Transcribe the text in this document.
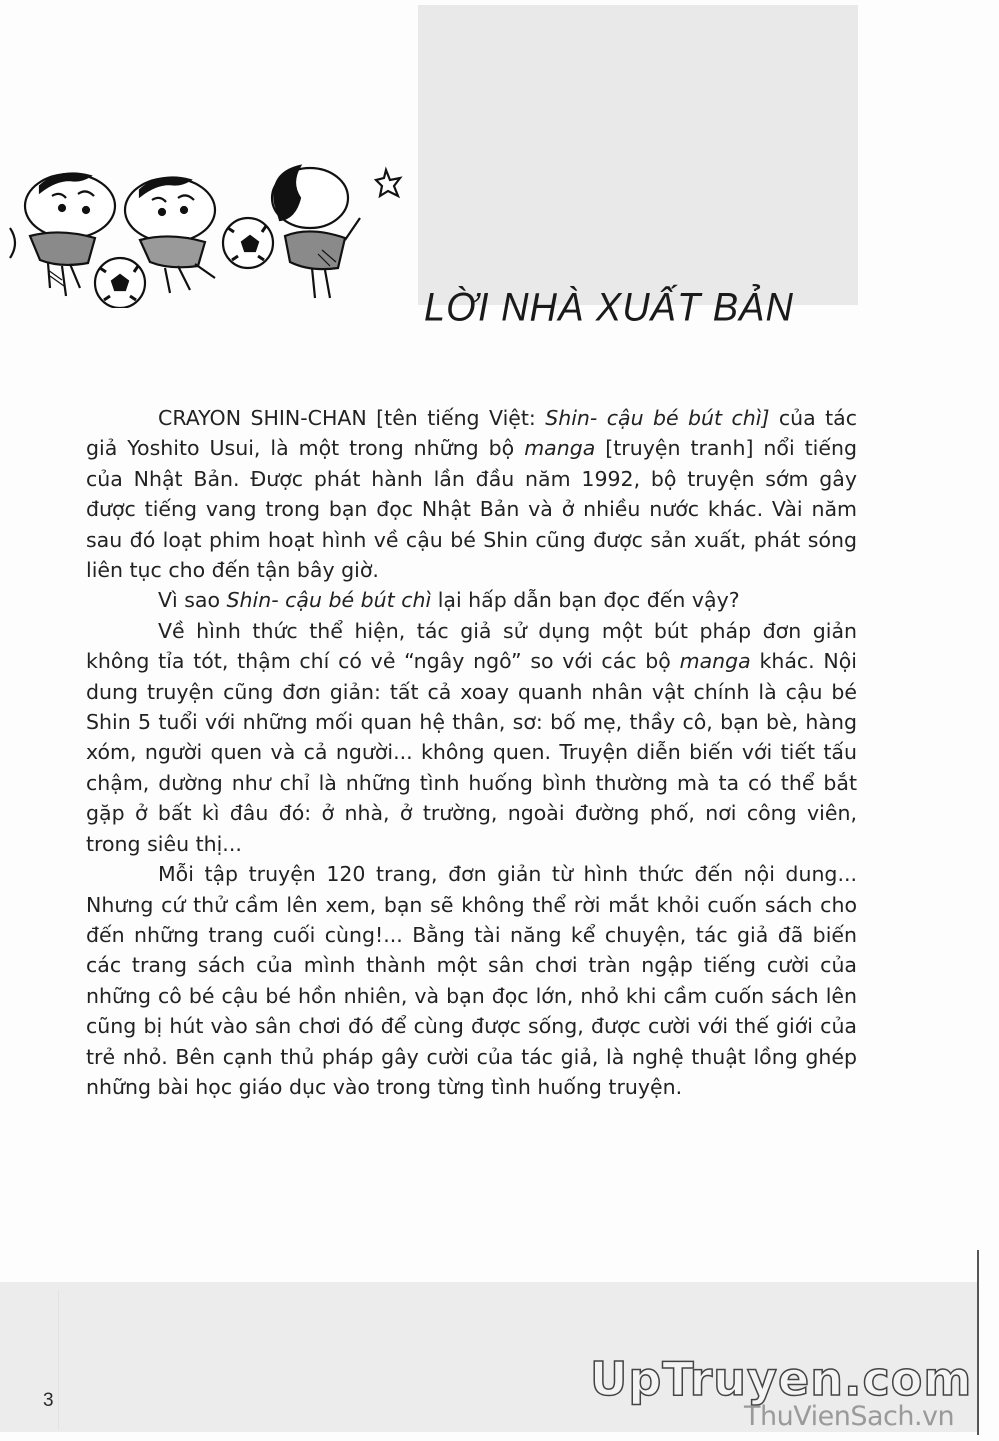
LỜI NHÀ XUẤT BẢN

CRAYON SHIN-CHAN [tên tiếng Việt: Shin- cậu bé bút chì] của tác giả Yoshito Usui, là một trong những bộ manga [truyện tranh] nổi tiếng của Nhật Bản. Được phát hành lần đầu năm 1992, bộ truyện sớm gây được tiếng vang trong bạn đọc Nhật Bản và ở nhiều nước khác. Vài năm sau đó loạt phim hoạt hình về cậu bé Shin cũng được sản xuất, phát sóng liên tục cho đến tận bây giờ.

Vì sao Shin- cậu bé bút chì lại hấp dẫn bạn đọc đến vậy?

Về hình thức thể hiện, tác giả sử dụng một bút pháp đơn giản không tỉa tót, thậm chí có vẻ “ngây ngô” so với các bộ manga khác. Nội dung truyện cũng đơn giản: tất cả xoay quanh nhân vật chính là cậu bé Shin 5 tuổi với những mối quan hệ thân, sơ: bố mẹ, thầy cô, bạn bè, hàng xóm, người quen và cả người... không quen. Truyện diễn biến với tiết tấu chậm, dường như chỉ là những tình huống bình thường mà ta có thể bắt gặp ở bất kì đâu đó: ở nhà, ở trường, ngoài đường phố, nơi công viên, trong siêu thị...

Mỗi tập truyện 120 trang, đơn giản từ hình thức đến nội dung... Nhưng cứ thử cầm lên xem, bạn sẽ không thể rời mắt khỏi cuốn sách cho đến những trang cuối cùng!... Bằng tài năng kể chuyện, tác giả đã biến các trang sách của mình thành một sân chơi tràn ngập tiếng cười của những cô bé cậu bé hồn nhiên, và bạn đọc lớn, nhỏ khi cầm cuốn sách lên cũng bị hút vào sân chơi đó để cùng được sống, được cười với thế giới của trẻ nhỏ. Bên cạnh thủ pháp gây cười của tác giả, là nghệ thuật lồng ghép những bài học giáo dục vào trong từng tình huống truyện.

3	UpTruyen.com
ThuVienSach.vn
